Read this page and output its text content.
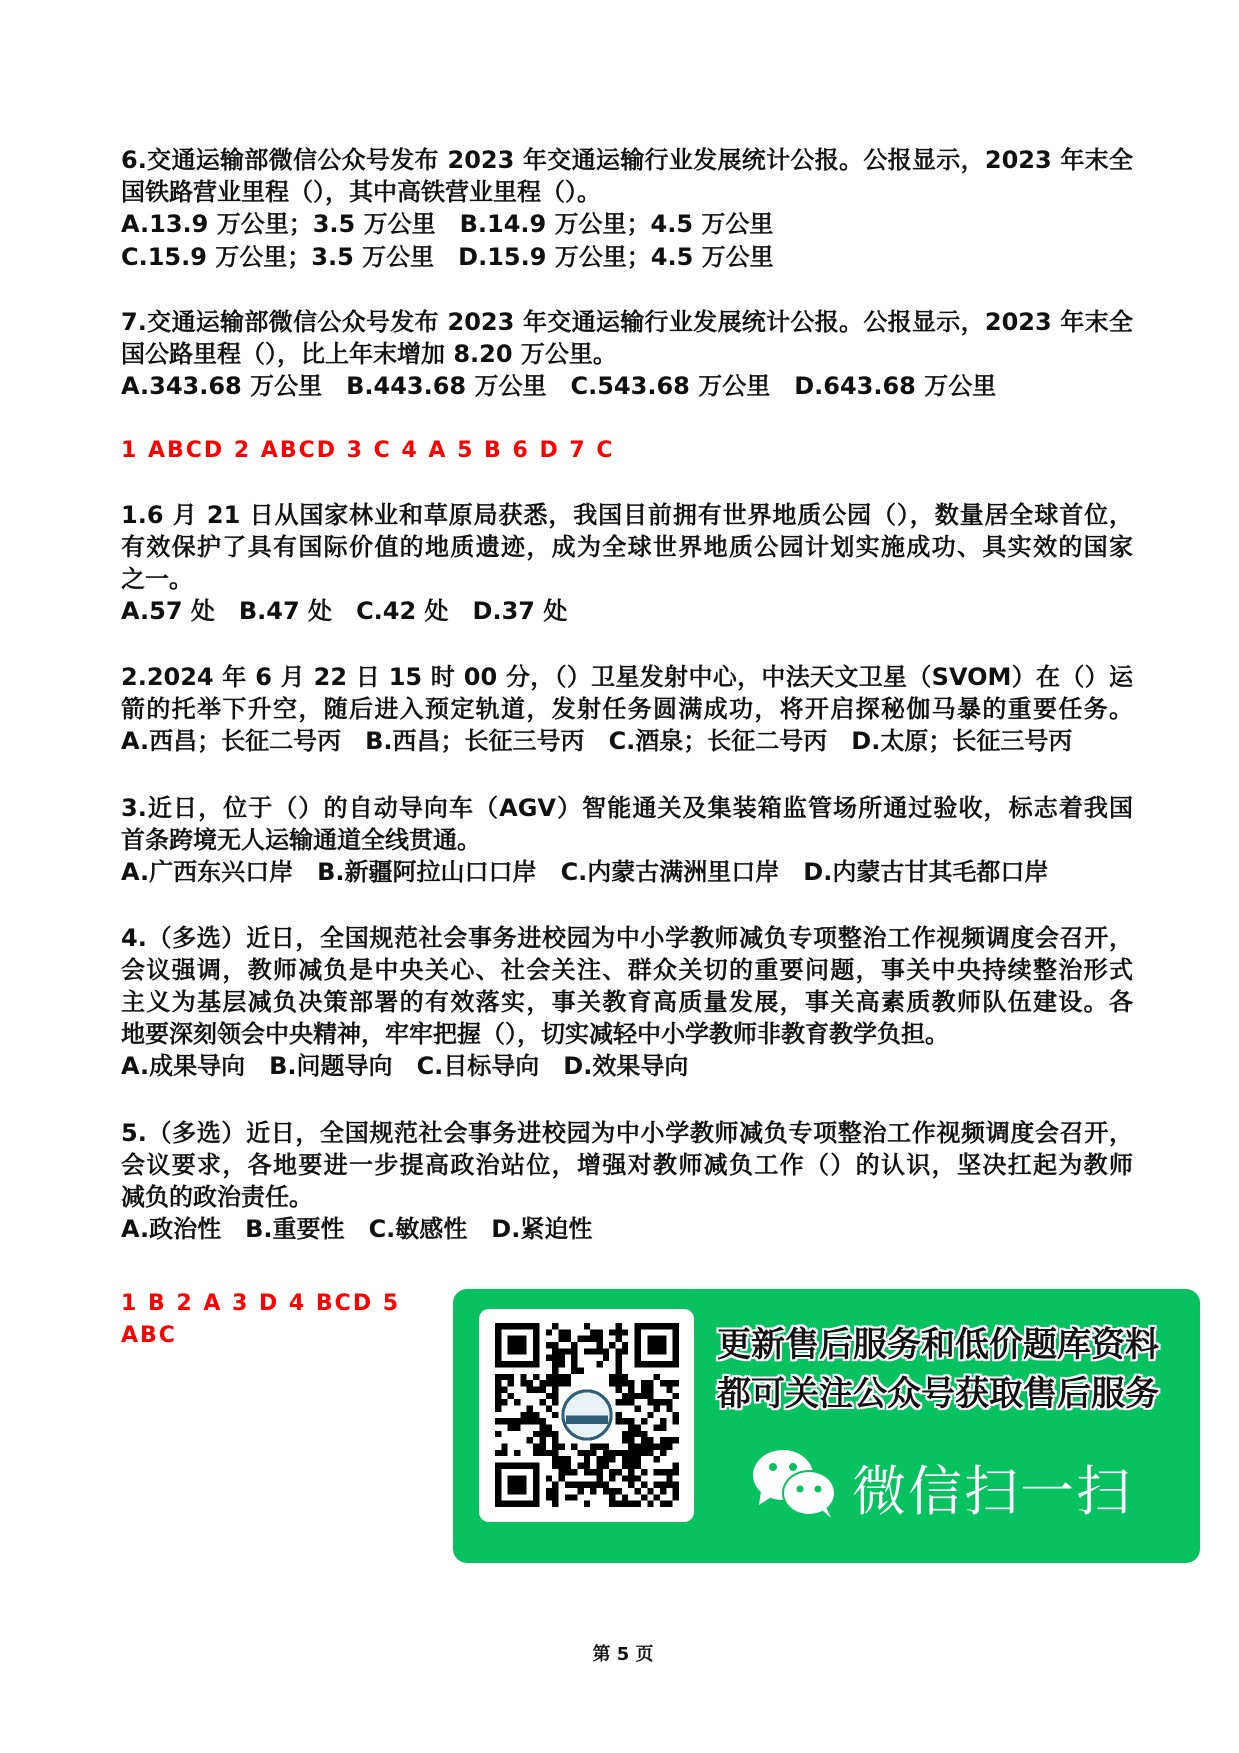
6.交通运输部微信公众号发布 2023 年交通运输行业发展统计公报。公报显示，2023 年末全
国铁路营业里程（），其中高铁营业里程（）。
A.13.9 万公里；3.5 万公里 B.14.9 万公里；4.5 万公里
C.15.9 万公里；3.5 万公里 D.15.9 万公里；4.5 万公里
7.交通运输部微信公众号发布 2023 年交通运输行业发展统计公报。公报显示，2023 年末全
国公路里程（），比上年末增加 8.20 万公里。
A.343.68 万公里 B.443.68 万公里 C.543.68 万公里 D.643.68 万公里
1 ABCD 2 ABCD 3 C 4 A 5 B 6 D 7 C
1.6 月 21 日从国家林业和草原局获悉，我国目前拥有世界地质公园（），数量居全球首位，
有效保护了具有国际价值的地质遗迹，成为全球世界地质公园计划实施成功、具实效的国家
之一。
A.57 处 B.47 处 C.42 处 D.37 处
2.2024 年 6 月 22 日 15 时 00 分，（）卫星发射中心，中法天文卫星（SVOM）在（）运
箭的托举下升空，随后进入预定轨道，发射任务圆满成功，将开启探秘伽马暴的重要任务。
A.西昌；长征二号丙 B.西昌；长征三号丙 C.酒泉；长征二号丙 D.太原；长征三号丙
3.近日，位于（）的自动导向车（AGV）智能通关及集装箱监管场所通过验收，标志着我国
首条跨境无人运输通道全线贯通。
A.广西东兴口岸 B.新疆阿拉山口口岸 C.内蒙古满洲里口岸 D.内蒙古甘其毛都口岸
4.（多选）近日，全国规范社会事务进校园为中小学教师减负专项整治工作视频调度会召开，
会议强调，教师减负是中央关心、社会关注、群众关切的重要问题，事关中央持续整治形式
主义为基层减负决策部署的有效落实，事关教育高质量发展，事关高素质教师队伍建设。各
地要深刻领会中央精神，牢牢把握（），切实减轻中小学教师非教育教学负担。
A.成果导向 B.问题导向 C.目标导向 D.效果导向
5.（多选）近日，全国规范社会事务进校园为中小学教师减负专项整治工作视频调度会召开，
会议要求，各地要进一步提高政治站位，增强对教师减负工作（）的认识，坚决扛起为教师
减负的政治责任。
A.政治性 B.重要性 C.敏感性 D.紧迫性
1 B 2 A 3 D 4 BCD 5 ABC	更新售后服务和低价题库资料
都可关注公众号获取售后服务
微信扫一扫
第 5 页
